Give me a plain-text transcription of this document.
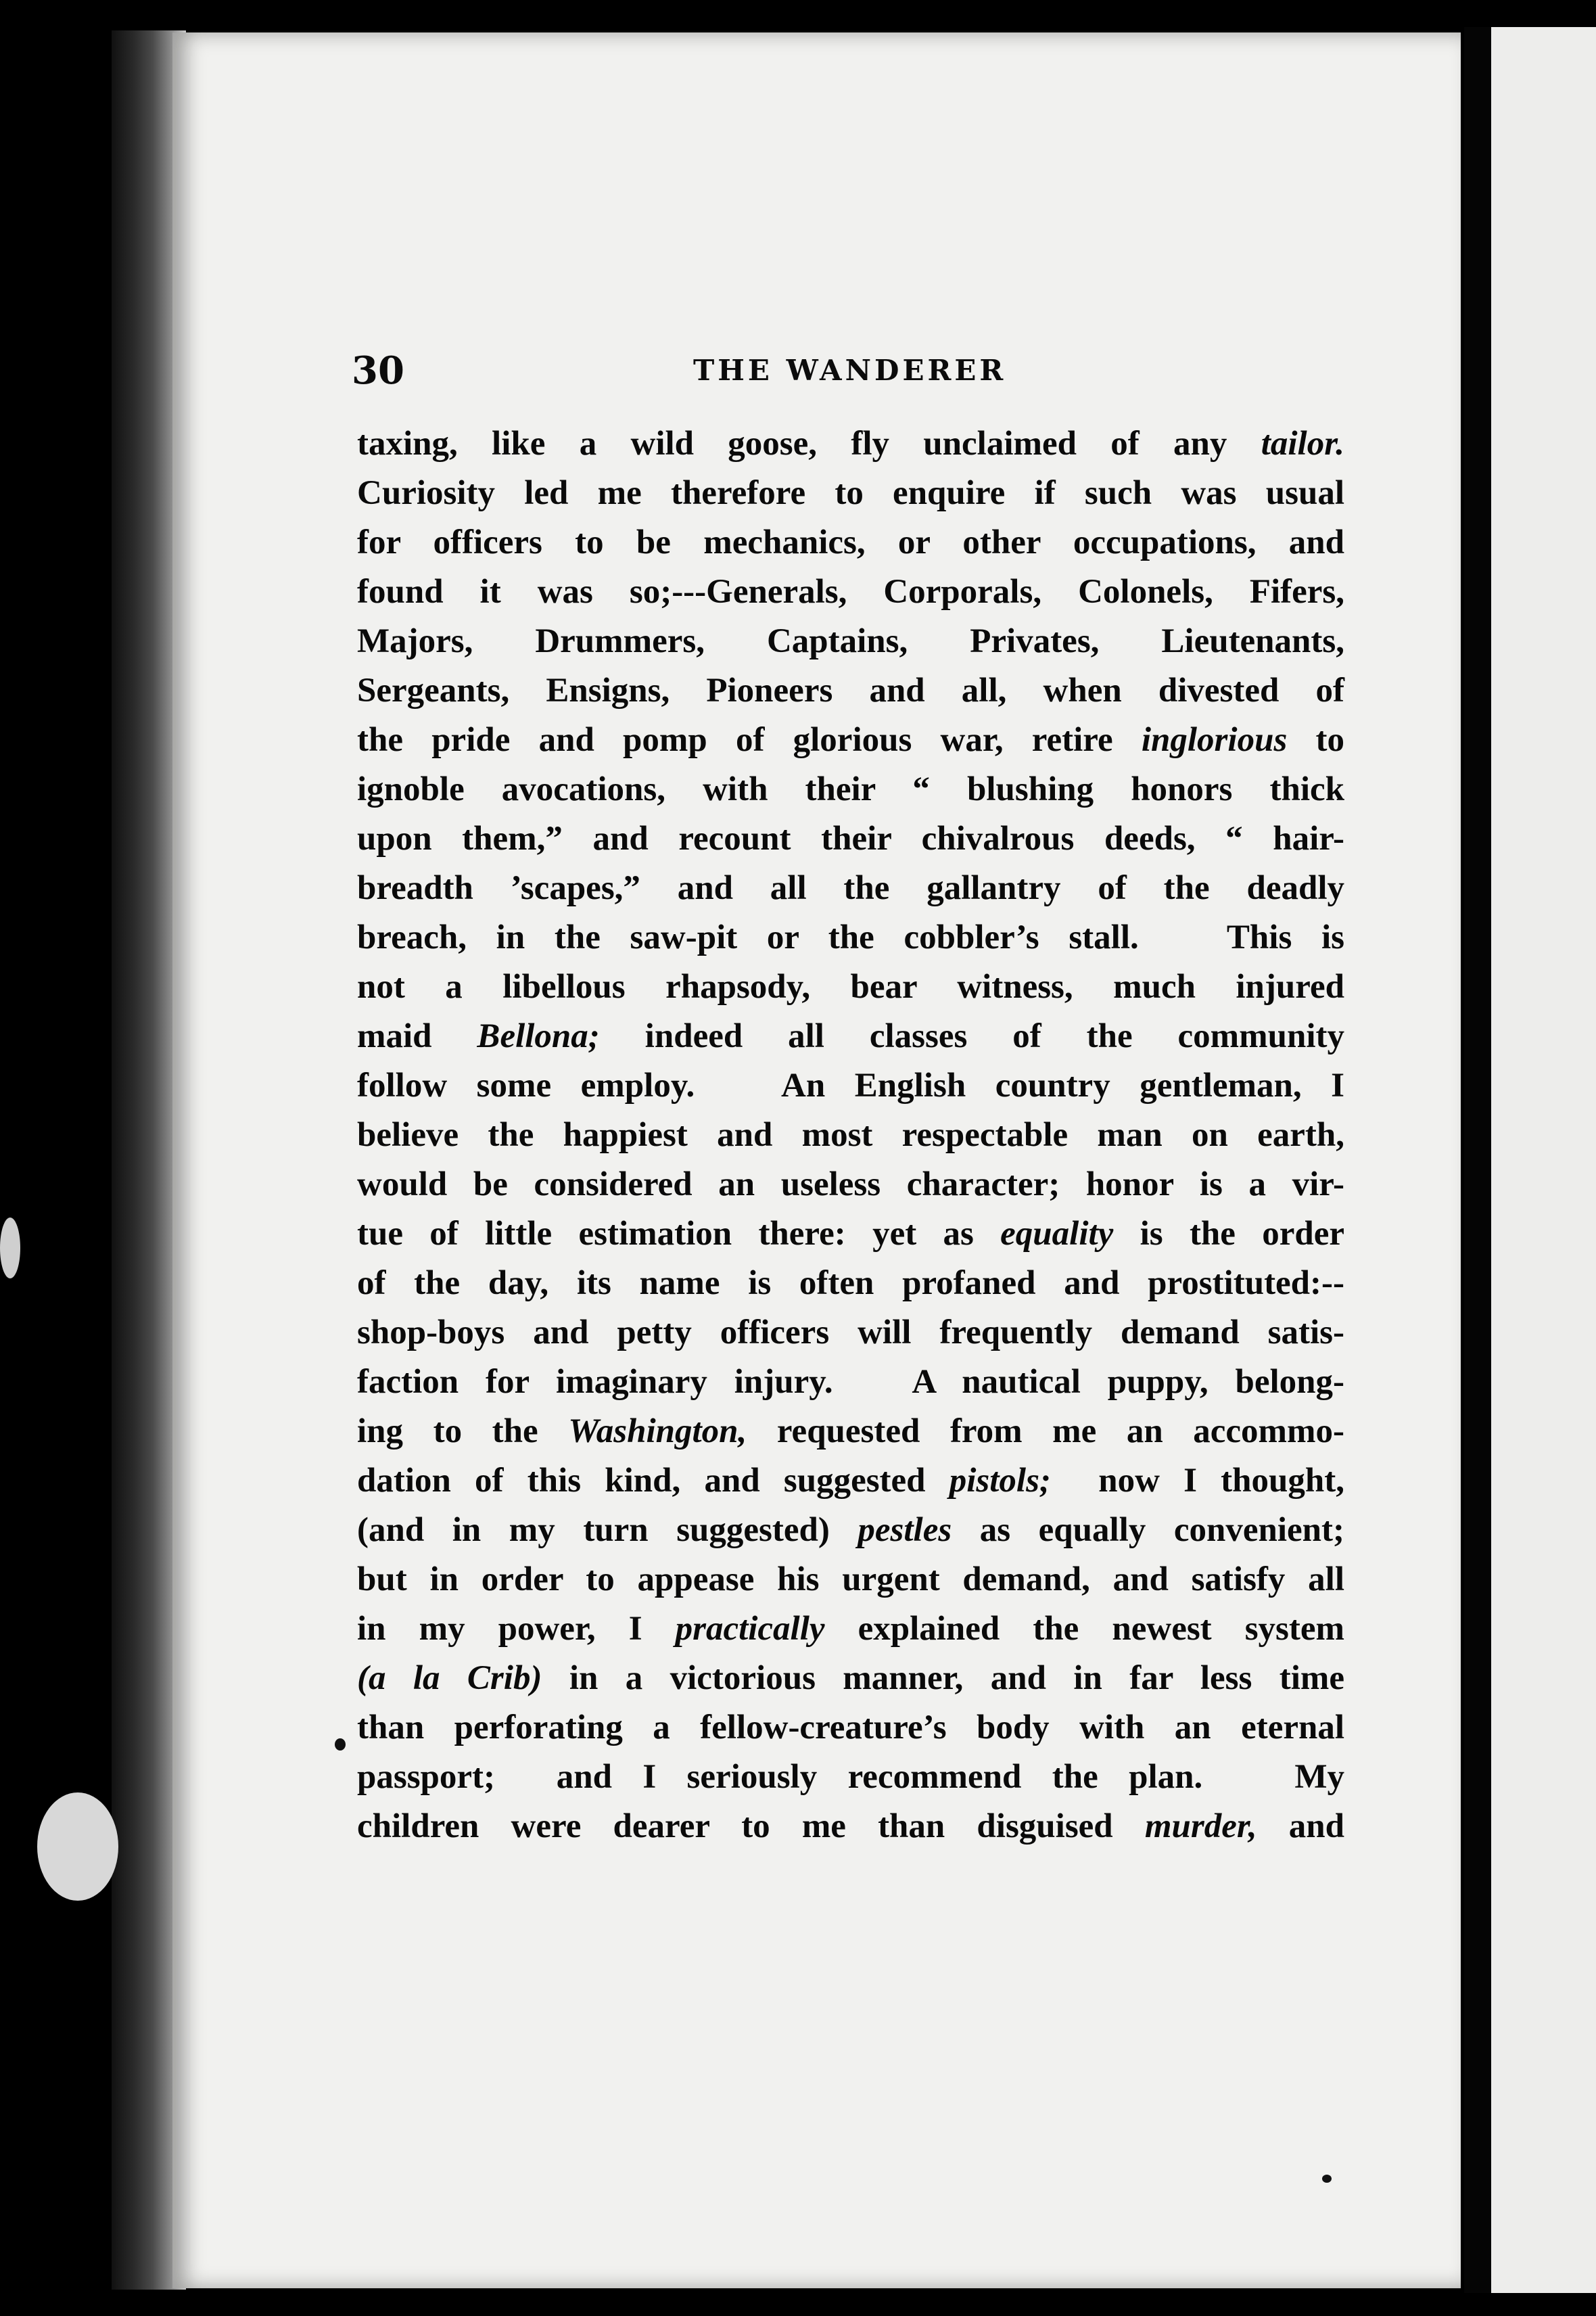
30	THE WANDERER
taxing, like a wild goose, fly unclaimed of any tailor.
Curiosity led me therefore to enquire if such was usual
for officers to be mechanics, or other occupations, and
found it was so;---Generals, Corporals, Colonels, Fifers,
Majors, Drummers, Captains, Privates, Lieutenants,
Sergeants, Ensigns, Pioneers and all, when divested of
the pride and pomp of glorious war, retire inglorious to
ignoble avocations, with their “ blushing honors thick
upon them,” and recount their chivalrous deeds, “ hair-
breadth ’scapes,” and all the gallantry of the deadly
breach, in the saw-pit or the cobbler’s stall.   This is
not a libellous rhapsody, bear witness, much injured
maid Bellona; indeed all classes of the community
follow some employ.   An English country gentleman, I
believe the happiest and most respectable man on earth,
would be considered an useless character; honor is a vir-
tue of little estimation there: yet as equality is the order
of the day, its name is often profaned and prostituted:--
shop-boys and petty officers will frequently demand satis-
faction for imaginary injury.   A nautical puppy, belong-
ing to the Washington, requested from me an accommo-
dation of this kind, and suggested pistols;  now I thought,
(and in my turn suggested) pestles as equally convenient;
but in order to appease his urgent demand, and satisfy all
in my power, I practically explained the newest system
(a la Crib) in a victorious manner, and in far less time
than perforating a fellow-creature’s body with an eternal
passport;  and I seriously recommend the plan.   My
children were dearer to me than disguised murder, and
